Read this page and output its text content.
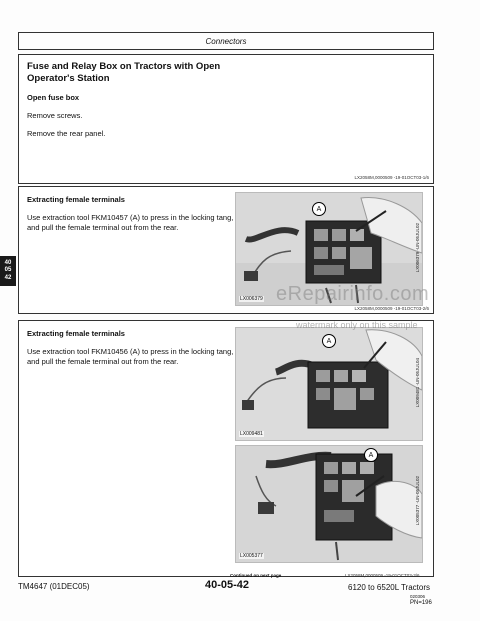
Connectors
Fuse and Relay Box on Tractors with Open Operator's Station
Open fuse box
Remove screws.
Remove the rear panel.
LX2058M,0000509 -19-01OCT03-1/6
Extracting female terminals
Use extraction tool FKM10457 (A) to press in the locking tang, and pull the female terminal out from the rear.
A
LX006379
LX006379 -UN-05JUL02
LX2058M,0000509 -19-01OCT03-2/6
Extracting female terminals
Use extraction tool FKM10456 (A) to press in the locking tang, and pull the female terminal out from the rear.
A
LX009481
LX009481 -UN-05JUL04
A
LX005377
LX005377 -UN-05JUL02
Continued on next page	LX2058M,0000509 -19-01OCT03-3/6
40
05
42
eRepairinfo.com
watermark only on this sample
TM4647 (01DEC05)	40-05-42	6120 to 6520L Tractors
020306
PN=196
